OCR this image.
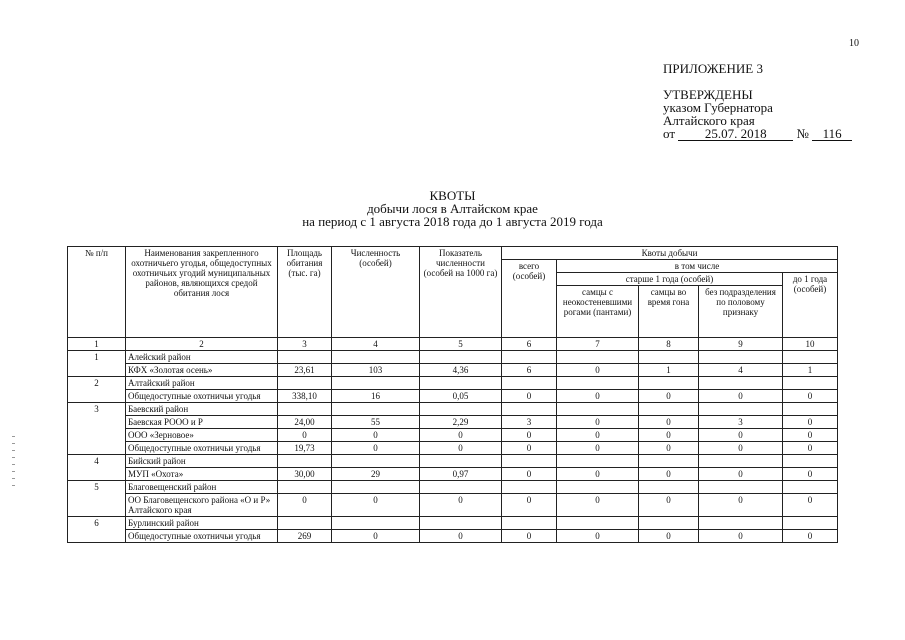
10
ПРИЛОЖЕНИЕ 3
УТВЕРЖДЕНЫ
указом Губернатора
Алтайского края
от 25.07. 2018 № 116
КВОТЫ
добычи лося в Алтайском крае
на период с 1 августа 2018 года до 1 августа 2019 года
№ п/п	Наименования закрепленного охотничьего угодья, общедоступных охотничьих угодий муниципальных районов, являющихся средой обитания лося	Площадь обитания (тыс. га)	Численность (особей)	Показатель численности (особей на 1000 га)	Квоты добычи				
					всего (особей)	в том числе			
						старше 1 года (особей)			до 1 года (особей)
						самцы с неокостеневшими рогами (пантами)	самцы во время гона	без подразделения по половому признаку	
1	2	3	4	5	6	7	8	9	10
1	Алейский район								
	КФХ «Золотая осень»	23,61	103	4,36	6	0	1	4	1
2	Алтайский район								
	Общедоступные охотничьи угодья	338,10	16	0,05	0	0	0	0	0
3	Баевский район								
	Баевская РООО и Р	24,00	55	2,29	3	0	0	3	0
	ООО «Зерновое»	0	0	0	0	0	0	0	0
	Общедоступные охотничьи угодья	19,73	0	0	0	0	0	0	0
4	Бийский район								
	МУП «Охота»	30,00	29	0,97	0	0	0	0	0
5	Благовещенский район								
	ОО Благовещенского района «О и Р» Алтайского края	0	0	0	0	0	0	0	0
6	Бурлинский район								
	Общедоступные охотничьи угодья	269	0	0	0	0	0	0	0
